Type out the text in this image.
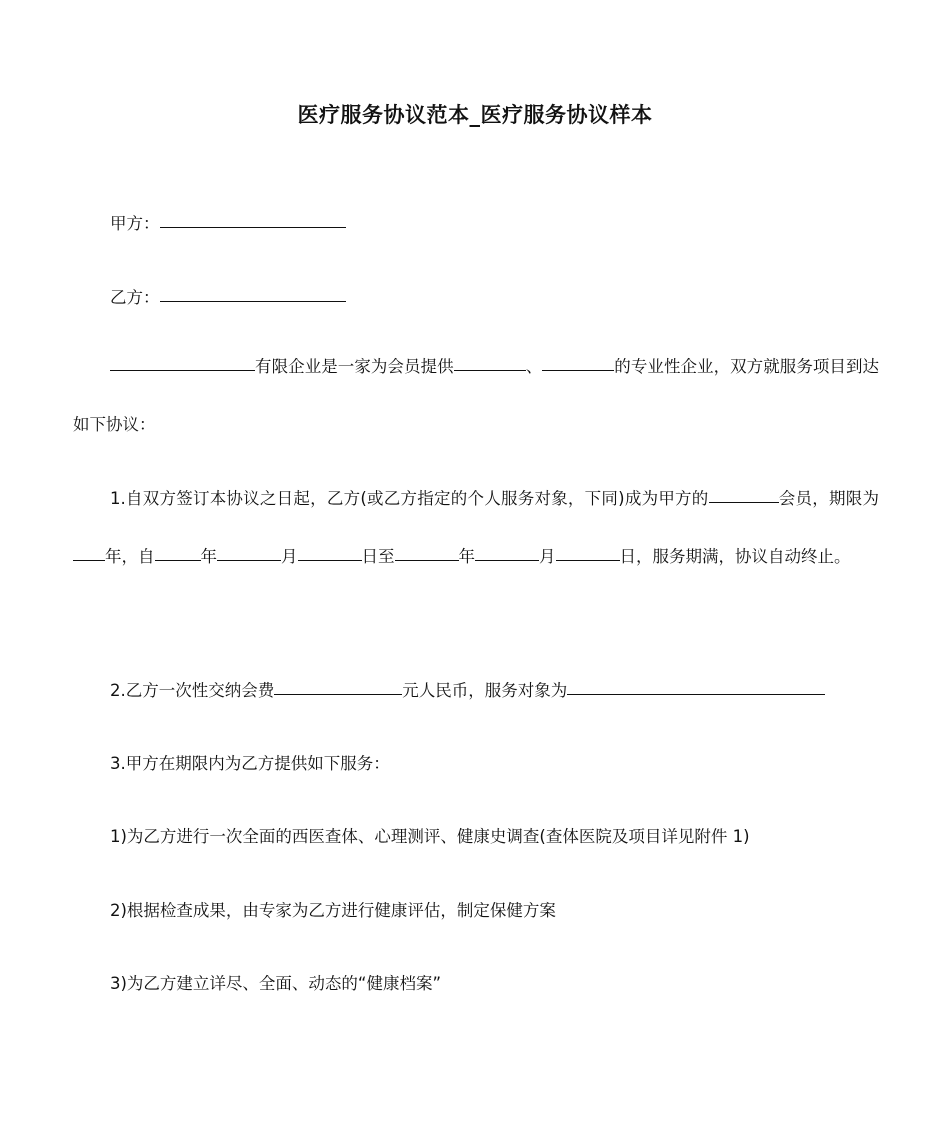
医疗服务协议范本_医疗服务协议样本
甲方：
乙方：
有限企业是一家为会员提供	、	的专业性企业，双方就服务项目到达如下协议：
1.自双方签订本协议之日起，乙方(或乙方指定的个人服务对象，下同)成为甲方的	会员，期限为年，自	年	月	日至	年	月	日，服务期满，协议自动终止。
2.乙方一次性交纳会费	元人民币，服务对象为
3.甲方在期限内为乙方提供如下服务：
1)为乙方进行一次全面的西医查体、心理测评、健康史调查(查体医院及项目详见附件 1)
2)根据检查成果，由专家为乙方进行健康评估，制定保健方案
3)为乙方建立详尽、全面、动态的“健康档案”
